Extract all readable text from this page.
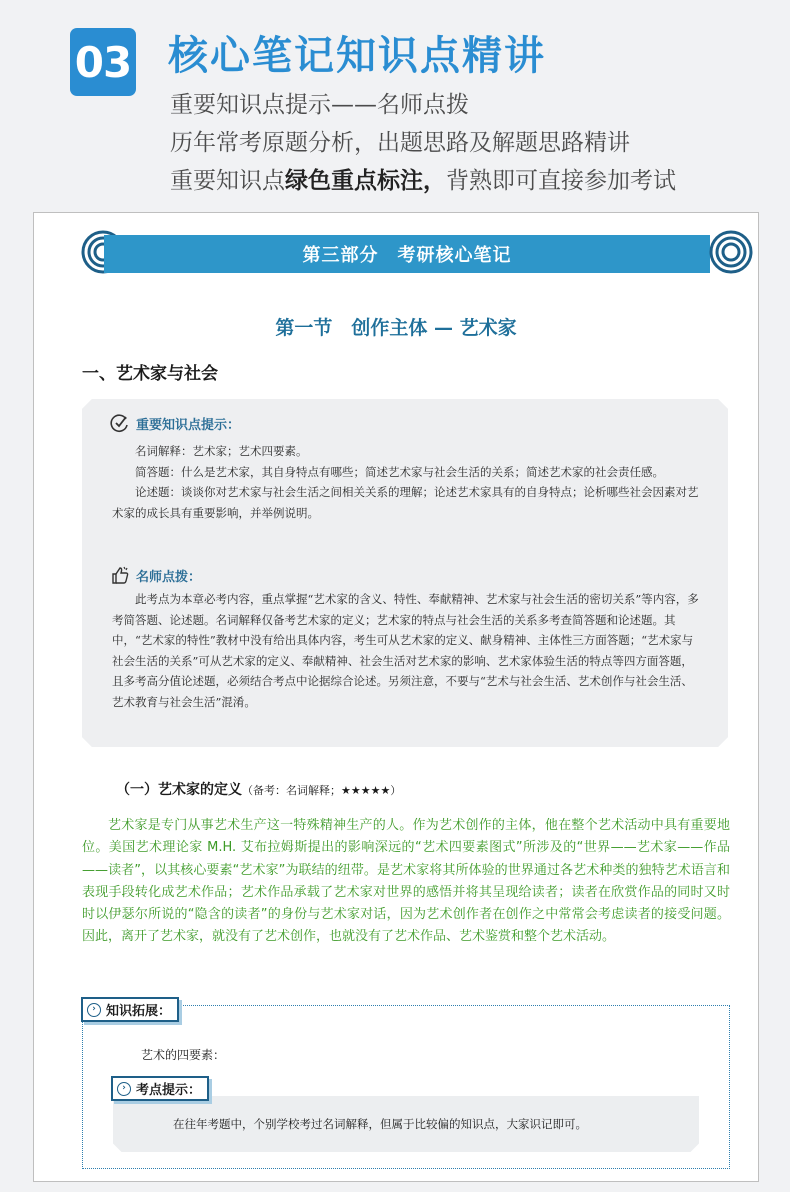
03 核心笔记知识点精讲
重要知识点提示——名师点拨
历年常考原题分析，出题思路及解题思路精讲
重要知识点绿色重点标注，背熟即可直接参加考试
第三部分　考研核心笔记
第一节　创作主体 — 艺术家
一、艺术家与社会
重要知识点提示：

名词解释：艺术家；艺术四要素。

简答题：什么是艺术家，其自身特点有哪些；简述艺术家与社会生活的关系；简述艺术家的社会责任感。

论述题：谈谈你对艺术家与社会生活之间相关关系的理解；论述艺术家具有的自身特点；论析哪些社会因素对艺术家的成长具有重要影响，并举例说明。

名师点拨：

此考点为本章必考内容，重点掌握“艺术家的含义、特性、奉献精神、艺术家与社会生活的密切关系”等内容，多考简答题、论述题。名词解释仅备考艺术家的定义；艺术家的特点与社会生活的关系多考查简答题和论述题。其中，“艺术家的特性”教材中没有给出具体内容，考生可从艺术家的定义、献身精神、主体性三方面答题；“艺术家与社会生活的关系”可从艺术家的定义、奉献精神、社会生活对艺术家的影响、艺术家体验生活的特点等四方面答题，且多考高分值论述题，必须结合考点中论据综合论述。另须注意，不要与“艺术与社会生活、艺术创作与社会生活、艺术教育与社会生活”混淆。

（一）艺术家的定义（备考：名词解释；★★★★★）
艺术家是专门从事艺术生产这一特殊精神生产的人。作为艺术创作的主体，他在整个艺术活动中具有重要地位。美国艺术理论家 M.H. 艾布拉姆斯提出的影响深远的“艺术四要素图式”所涉及的“世界——艺术家——作品——读者”，以其核心要素“艺术家”为联结的纽带。是艺术家将其所体验的世界通过各艺术种类的独特艺术语言和表现手段转化成艺术作品；艺术作品承载了艺术家对世界的感悟并将其呈现给读者；读者在欣赏作品的同时又时时以伊瑟尔所说的“隐含的读者”的身份与艺术家对话，因为艺术创作者在创作之中常常会考虑读者的接受问题。因此，离开了艺术家，就没有了艺术创作，也就没有了艺术作品、艺术鉴赏和整个艺术活动。
› 知识拓展：
艺术的四要素：
在往年考题中，个别学校考过名词解释，但属于比较偏的知识点，大家识记即可。
› 考点提示：
